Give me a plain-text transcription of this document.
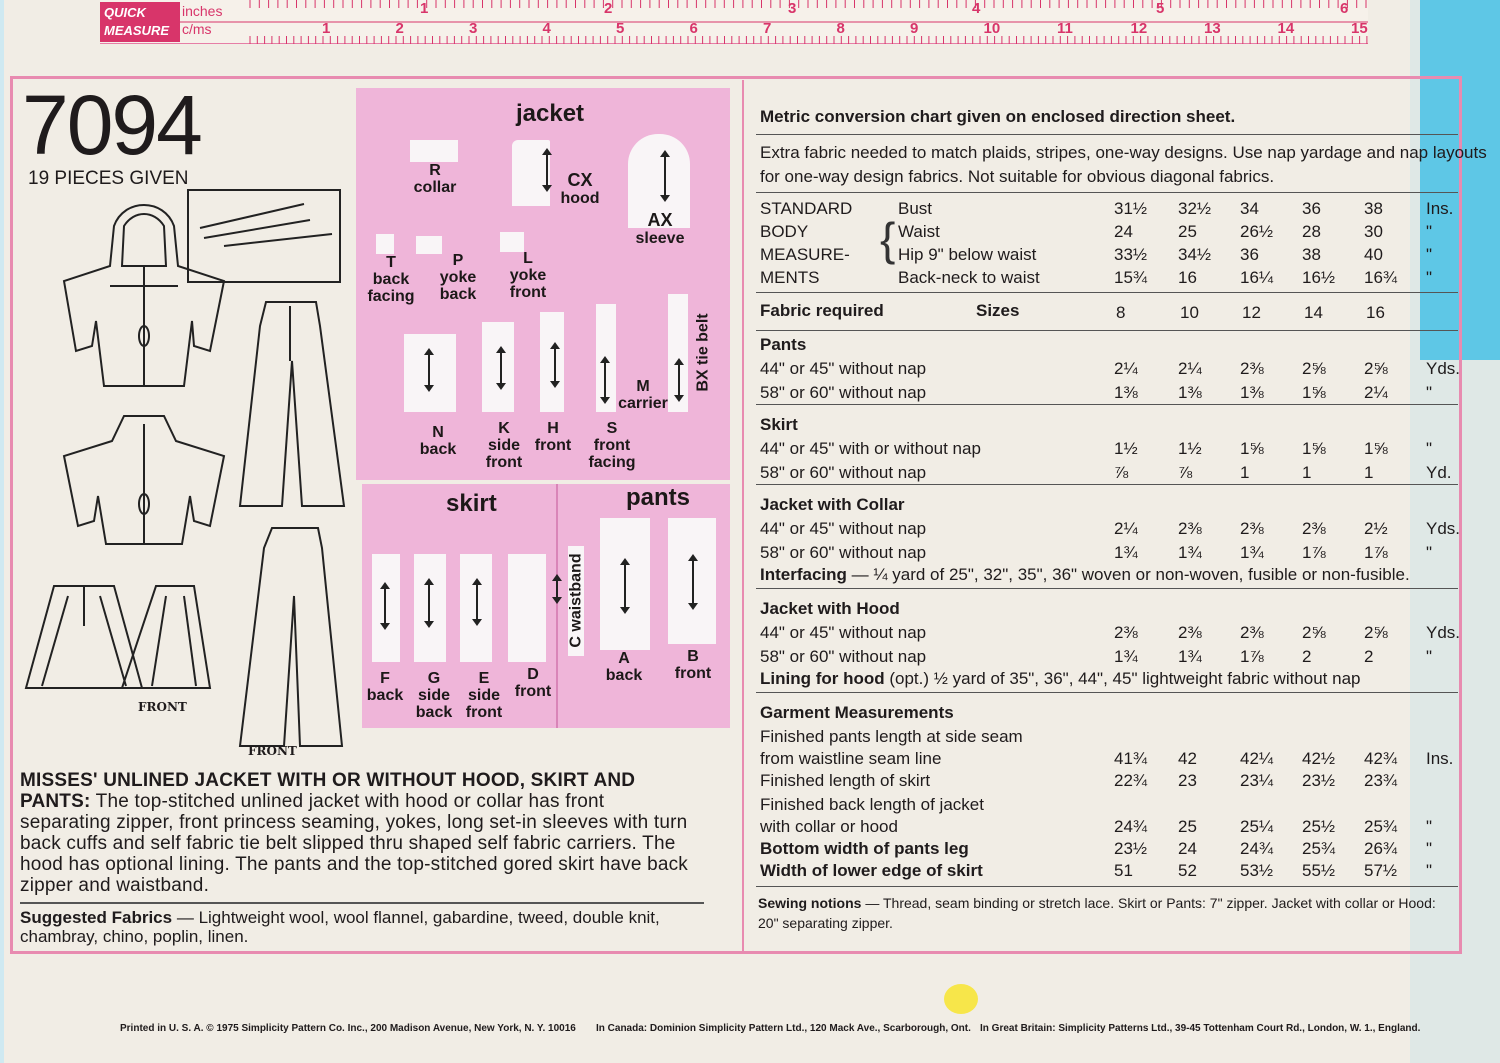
QUICK MEASURE
inches
c/ms
1	2	3	4	5	6
1	2	3	4	5	6	7	8	9	10	11	12	13	14	15
7094
19 PIECES GIVEN
FRONT
FRONT
jacket
skirt	pants
R
collar	CX
hood
AX
sleeve
T
back
facing
P
yoke
back
L
yoke
front
N
back
K
side
front
H
front
S
front
facing
M
carrier
BX tie belt
F
back
G
side
back
E
side
front
D
front
C waistband
A
back
B
front
MISSES' UNLINED JACKET WITH OR WITHOUT HOOD, SKIRT AND PANTS: The top-stitched unlined jacket with hood or collar has front separating zipper, front princess seaming, yokes, long set-in sleeves with turn back cuffs and self fabric tie belt slipped thru shaped self fabric carriers. The hood has optional lining. The pants and the top-stitched gored skirt have back zipper and waistband.
Suggested Fabrics — Lightweight wool, wool flannel, gabardine, tweed, double knit, chambray, chino, poplin, linen.
Metric conversion chart given on enclosed direction sheet.
Extra fabric needed to match plaids, stripes, one-way designs. Use nap yardage and nap layouts
for one-way design fabrics. Not suitable for obvious diagonal fabrics.
{
Fabric required	Sizes
Printed in U. S. A. © 1975 Simplicity Pattern Co. Inc., 200 Madison Avenue, New York, N. Y. 10016 In Canada: Dominion Simplicity Pattern Ltd., 120 Mack Ave., Scarborough, Ont. In Great Britain: Simplicity Patterns Ltd., 39-45 Tottenham Court Rd., London, W. 1., England.
STANDARD
BODY
MEASURE-
MENTS
Bust	31½ 32½ 34	36	38	Ins.
Waist	24	25	26½ 28	30	"
Hip 9" below waist	33½ 34½ 36	38	40	"
Back-neck to waist	15¾ 16	16¼ 16½ 16¾ "
8	10	12	14	16
Pants
44" or 45" without nap	2¼ 2¼ 2⅜ 2⅝ 2⅝ Yds.
58" or 60" without nap	1⅜ 1⅜ 1⅜ 1⅝ 2¼ "
Skirt
44" or 45" with or without nap	1½ 1½ 1⅝ 1⅝ 1⅝ "
58" or 60" without nap	⅞	⅞	1	1	1	Yd.
Jacket with Collar
44" or 45" without nap	2¼ 2⅜ 2⅜ 2⅜ 2½ Yds.
58" or 60" without nap	1¾ 1¾ 1¾ 1⅞ 1⅞ "
Interfacing — ¼ yard of 25", 32", 35", 36" woven or non-woven, fusible or non-fusible.
Jacket with Hood
44" or 45" without nap	2⅜ 2⅜ 2⅜ 2⅝ 2⅝ Yds.
58" or 60" without nap	1¾ 1¾ 1⅞ 2	2	"
Lining for hood (opt.) ½ yard of 35", 36", 44", 45" lightweight fabric without nap
Garment Measurements
Finished pants length at side seam
from waistline seam line	41¾ 42	42¼ 42½ 42¾ Ins.
Finished length of skirt	22¾ 23	23¼ 23½ 23¾
Finished back length of jacket
with collar or hood	24¾ 25	25¼ 25½ 25¾ "
Bottom width of pants leg	23½ 24	24¾ 25¾ 26¾ "
Width of lower edge of skirt	51	52	53½ 55½ 57½ "
Sewing notions — Thread, seam binding or stretch lace. Skirt or Pants: 7" zipper. Jacket with collar or Hood:
20" separating zipper.
